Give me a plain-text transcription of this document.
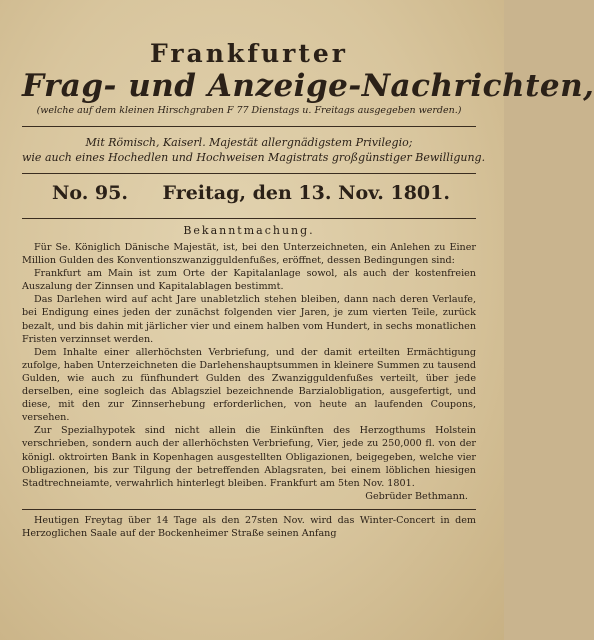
Frankfurter
Frag- und Anzeige-Nachrichten,
(welche auf dem kleinen Hirschgraben F 77 Dienstags u. Freitags ausgegeben werden.)
Mit Römisch, Kaiserl. Majestät allergnädigstem Privilegio;
wie auch eines Hochedlen und Hochweisen Magistrats großgünstiger Bewilligung.
No. 95. Freitag, den 13. Nov. 1801.
Bekanntmachung.

Für Se. Königlich Dänische Majestät, ist, bei den Unterzeichneten, ein Anlehen zu Einer Million Gulden des Konventionszwanzigguldenfußes, eröffnet, dessen Bedingungen sind:

Frankfurt am Main ist zum Orte der Kapitalanlage sowol, als auch der kostenfreien Auszalung der Zinnsen und Kapitalablagen bestimmt.

Das Darlehen wird auf acht Jare unabletzlich stehen bleiben, dann nach deren Verlaufe, bei Endigung eines jeden der zunächst folgenden vier Jaren, je zum vierten Teile, zurück bezalt, und bis dahin mit järlicher vier und einem halben vom Hundert, in sechs monatlichen Fristen verzinnset werden.

Dem Inhalte einer allerhöchsten Verbriefung, und der damit erteilten Ermächtigung zufolge, haben Unterzeichneten die Darlehenshauptsummen in kleinere Summen zu tausend Gulden, wie auch zu fünfhundert Gulden des Zwanzigguldenfußes verteilt, über jede derselben, eine sogleich das Ablagsziel bezeichnende Barzialobligation, ausgefertigt, und diese, mit den zur Zinnserhebung erforderlichen, von heute an laufenden Coupons, versehen.

Zur Spezialhypotek sind nicht allein die Einkünften des Herzogthums Holstein verschrieben, sondern auch der allerhöchsten Verbriefung, Vier, jede zu 250,000 fl. von der königl. oktroirten Bank in Kopenhagen ausgestellten Obligazionen, beigegeben, welche vier Obligazionen, bis zur Tilgung der betreffenden Ablagsraten, bei einem löblichen hiesigen Stadtrechneiamte, verwahrlich hinterlegt bleiben. Frankfurt am 5ten Nov. 1801.

Gebrüder Bethmann.

Heutigen Freytag über 14 Tage als den 27sten Nov. wird das Winter-Concert in dem Herzoglichen Saale auf der Bockenheimer Straße seinen Anfang
